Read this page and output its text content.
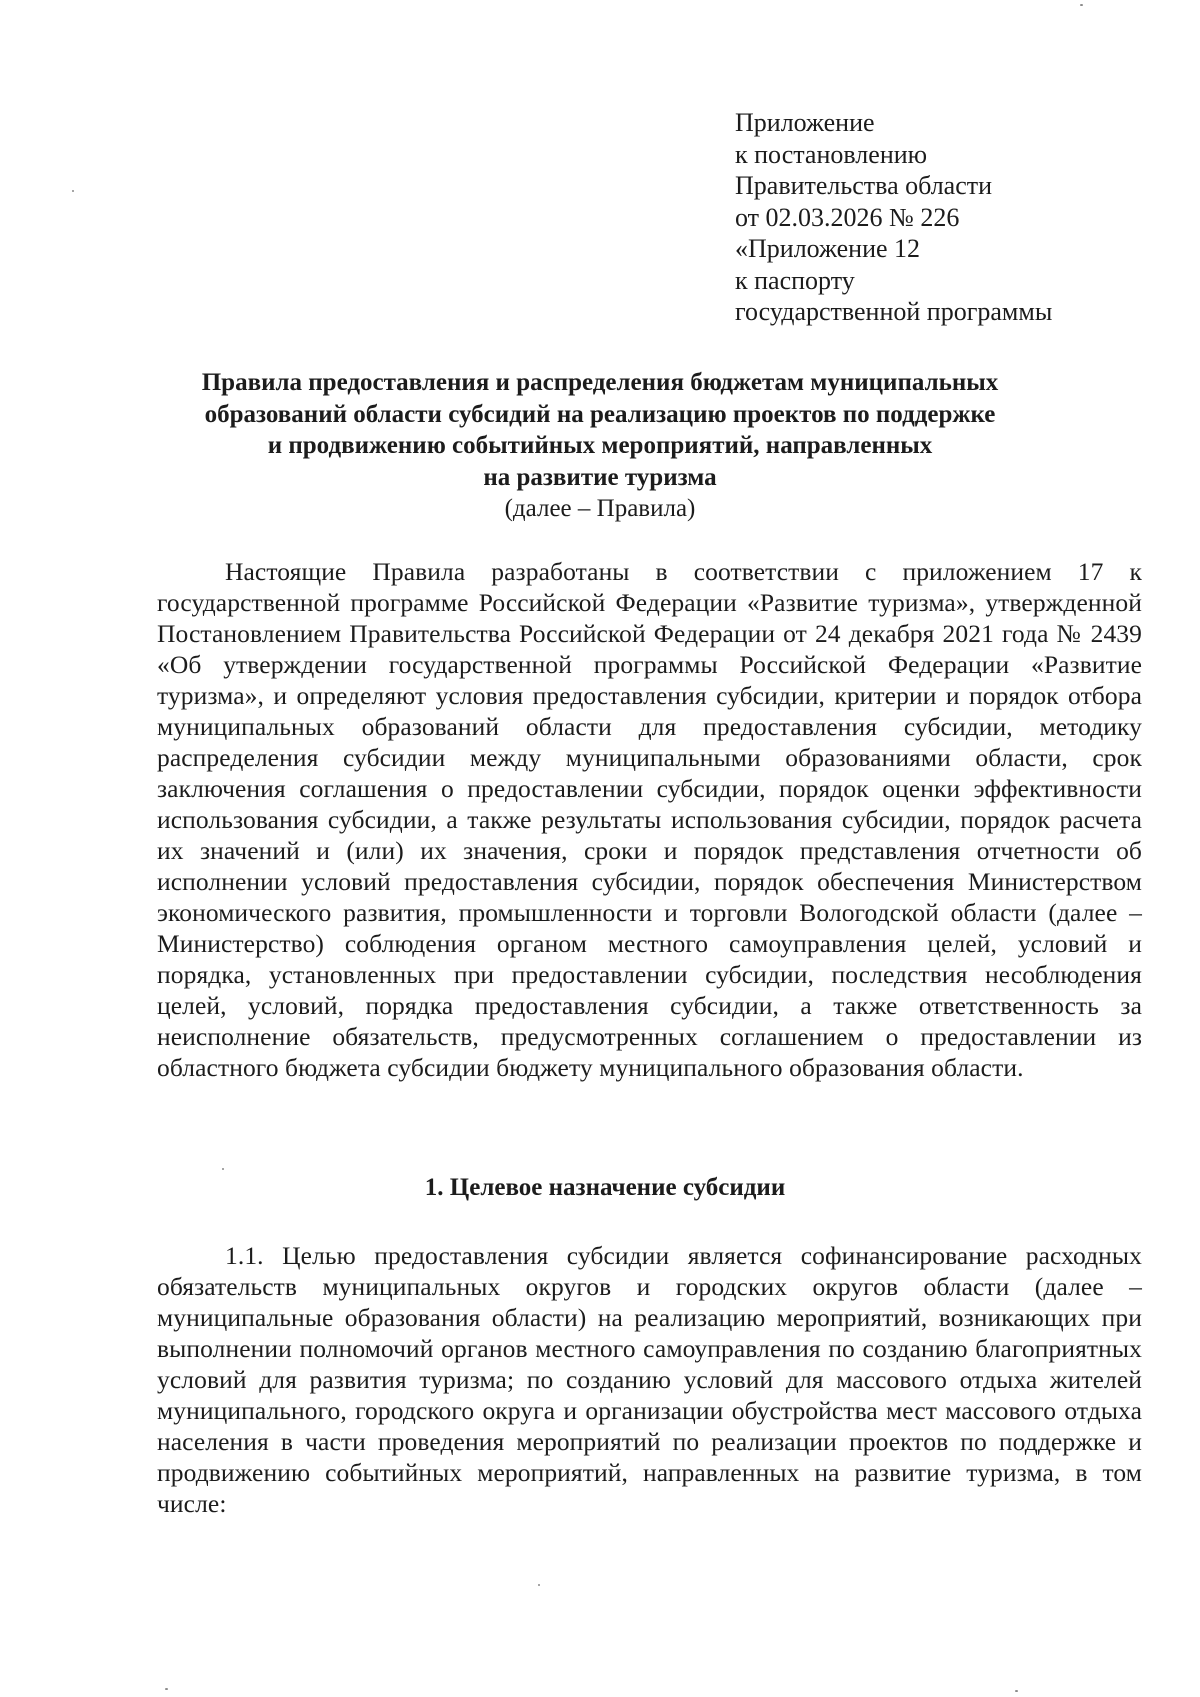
Приложение
к постановлению
Правительства области
от 02.03.2026 № 226
«Приложение 12
к паспорту
государственной программы
Правила предоставления и распределения бюджетам муниципальных
образований области субсидий на реализацию проектов по поддержке
и продвижению событийных мероприятий, направленных
на развитие туризма
(далее – Правила)
Настоящие Правила разработаны в соответствии с приложением 17 к государственной программе Российской Федерации «Развитие туризма», утвержденной Постановлением Правительства Российской Федерации от 24 декабря 2021 года № 2439 «Об утверждении государственной программы Российской Федерации «Развитие туризма», и определяют условия предоставления субсидии, критерии и порядок отбора муниципальных образований области для предоставления субсидии, методику распределения субсидии между муниципальными образованиями области, срок заключения соглашения о предоставлении субсидии, порядок оценки эффективности использования субсидии, а также результаты использования субсидии, порядок расчета их значений и (или) их значения, сроки и порядок представления отчетности об исполнении условий предоставления субсидии, порядок обеспечения Министерством экономического развития, промышленности и торговли Вологодской области (далее – Министерство) соблюдения органом местного самоуправления целей, условий и порядка, установленных при предоставлении субсидии, последствия несоблюдения целей, условий, порядка предоставления субсидии, а также ответственность за неисполнение обязательств, предусмотренных соглашением о предоставлении из областного бюджета субсидии бюджету муниципального образования области.
1. Целевое назначение субсидии
1.1. Целью предоставления субсидии является софинансирование расходных обязательств муниципальных округов и городских округов области (далее – муниципальные образования области) на реализацию мероприятий, возникающих при выполнении полномочий органов местного самоуправления по созданию благоприятных условий для развития туризма; по созданию условий для массового отдыха жителей муниципального, городского округа и организации обустройства мест массового отдыха населения в части проведения мероприятий по реализации проектов по поддержке и продвижению событийных мероприятий, направленных на развитие туризма, в том числе:
